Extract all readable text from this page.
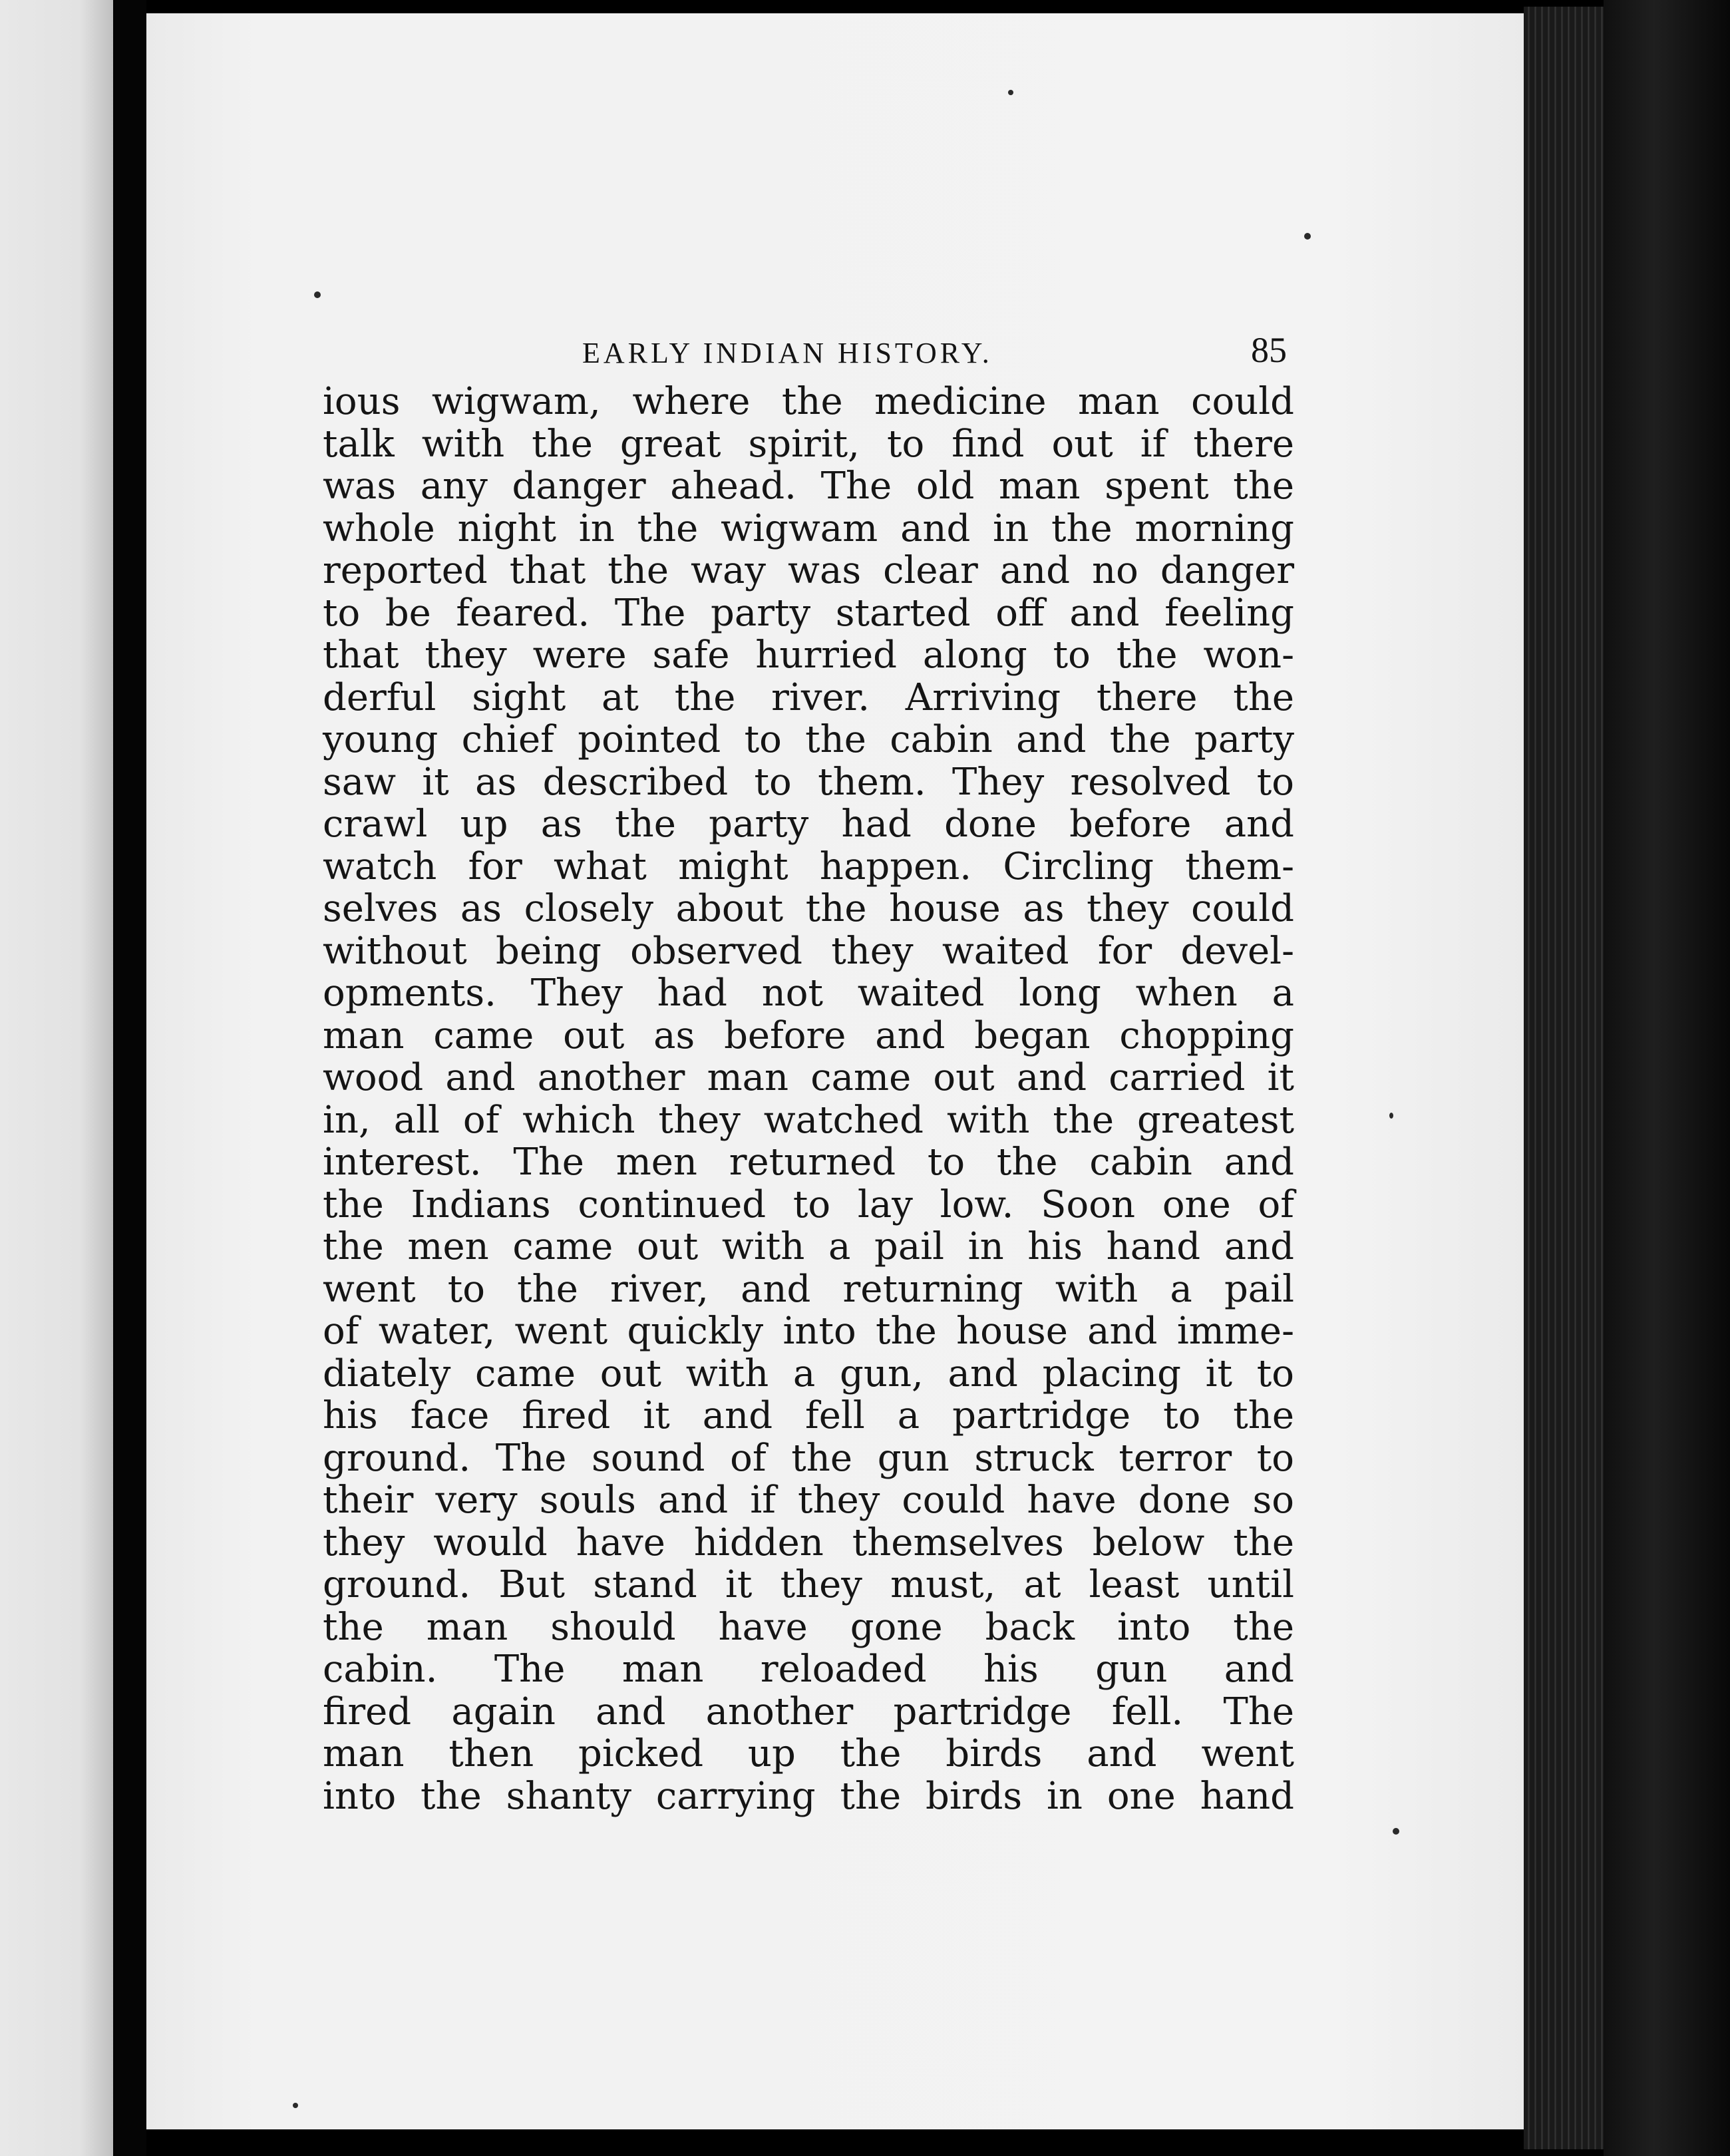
EARLY INDIAN HISTORY.	85
ious wigwam, where the medicine man could
talk with the great spirit, to find out if there
was any danger ahead. The old man spent the
whole night in the wigwam and in the morning
reported that the way was clear and no danger
to be feared. The party started off and feeling
that they were safe hurried along to the won-
derful sight at the river. Arriving there the
young chief pointed to the cabin and the party
saw it as described to them. They resolved to
crawl up as the party had done before and
watch for what might happen. Circling them-
selves as closely about the house as they could
without being observed they waited for devel-
opments. They had not waited long when a
man came out as before and began chopping
wood and another man came out and carried it
in, all of which they watched with the greatest
interest. The men returned to the cabin and
the Indians continued to lay low. Soon one of
the men came out with a pail in his hand and
went to the river, and returning with a pail
of water, went quickly into the house and imme-
diately came out with a gun, and placing it to
his face fired it and fell a partridge to the
ground. The sound of the gun struck terror to
their very souls and if they could have done so
they would have hidden themselves below the
ground. But stand it they must, at least until
the man should have gone back into the
cabin. The man reloaded his gun and
fired again and another partridge fell. The
man then picked up the birds and went
into the shanty carrying the birds in one hand
